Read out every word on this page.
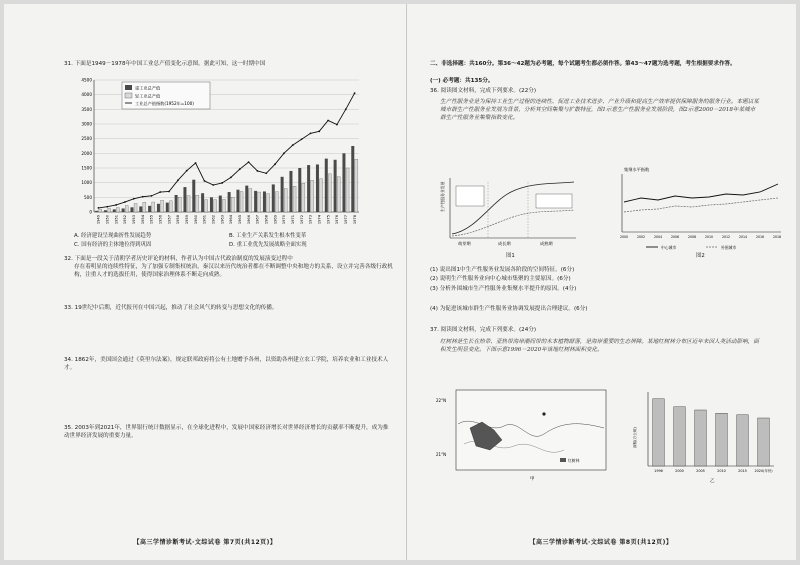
31. 下面是1949－1978年中国工业总产值变化示意图。据此可知，这一时期中国
0
500
1000
1500
2000
2500
3000
3500
4000
4500
1949 1950 1951 1952 1953 1954 1955 1956 1957 1958 1959 1960 1961 1962 1963 1964 1965 1966 1967 1968 1969 1970 1971 1972 1973 1974 1975 1976 1977 1978
重工业总产值
轻工业总产值
工业总产值指数(1952年=100)
A. 经济建设呈现曲折性发展趋势	B. 工业生产关系发生根本性变革
C. 国有经济的主体地位得到巩固	D. 重工业优先发展战略全面实现
32. 下面是一段关于清朝学者历史评论的材料，作者认为中国古代政治制度的发展演变过程中
存在着明显的连续性特征，为了加强专制集权统治，秦汉以来历代统治者都在不断调整中央和地方的关系，设立并完善各级行政机构，注重人才的选拔任用，使得国家治理体系不断走向成熟。
33. 19世纪中后期，近代报刊在中国兴起，推动了社会风气的转变与思想文化的传播。
34. 1862年，美国国会通过《莫里尔法案》，规定联邦政府将公有土地赠予各州，以资助各州建立农工学院，培养农业和工业技术人才。
35. 2003年到2021年，世界银行统计数据显示，在全球化进程中，发展中国家经济增长对世界经济增长的贡献率不断提升，成为推动世界经济发展的重要力量。
【高三学情诊断考试·文综试卷 第7页(共12页)】
二、非选择题：共160分。第36～42题为必考题，每个试题考生都必须作答。第43～47题为选考题，考生根据要求作答。
(一) 必考题：共135分。
36. 阅读图文材料，完成下列要求。(22分)
生产性服务业是为保持工业生产过程的连续性、促进工业技术进步、产业升级和提高生产效率提供保障服务的服务行业。本题以某城市群生产性服务业发展为背景，分析其空间集聚与扩散特征，图1示意生产性服务业发展阶段，图2示意2000－2018年某城市群生产性服务业集聚指数变化。
生产性服务业发展
萌芽期	成长期	成熟期
图1
集聚水平指数
2000	2002	2004	2006	2008	2010	2012	2014	2016	2018
中心城市	外围城市
图2
(1) 说出图1中生产性服务业发展各阶段的空间特征。(6分)
(2) 说明生产性服务业向中心城市集聚的主要原因。(6分)
(3) 分析外围城市生产性服务业集聚水平提升的原因。(4分)
(4) 为促进该城市群生产性服务业协调发展提出合理建议。(6分)
37. 阅读图文材料，完成下列要求。(24分)
红树林是生长在热带、亚热带海岸潮间带的木本植物群落，是海岸重要的生态屏障。某地红树林分布区近年来因人类活动影响，面积发生明显变化。下图示意1996－2020年该地红树林面积变化。
22°N
21°N
红树林
甲
面积(万公顷)
1996	2000	2005	2010	2015 2020(年份)
乙
【高三学情诊断考试·文综试卷 第8页(共12页)】
